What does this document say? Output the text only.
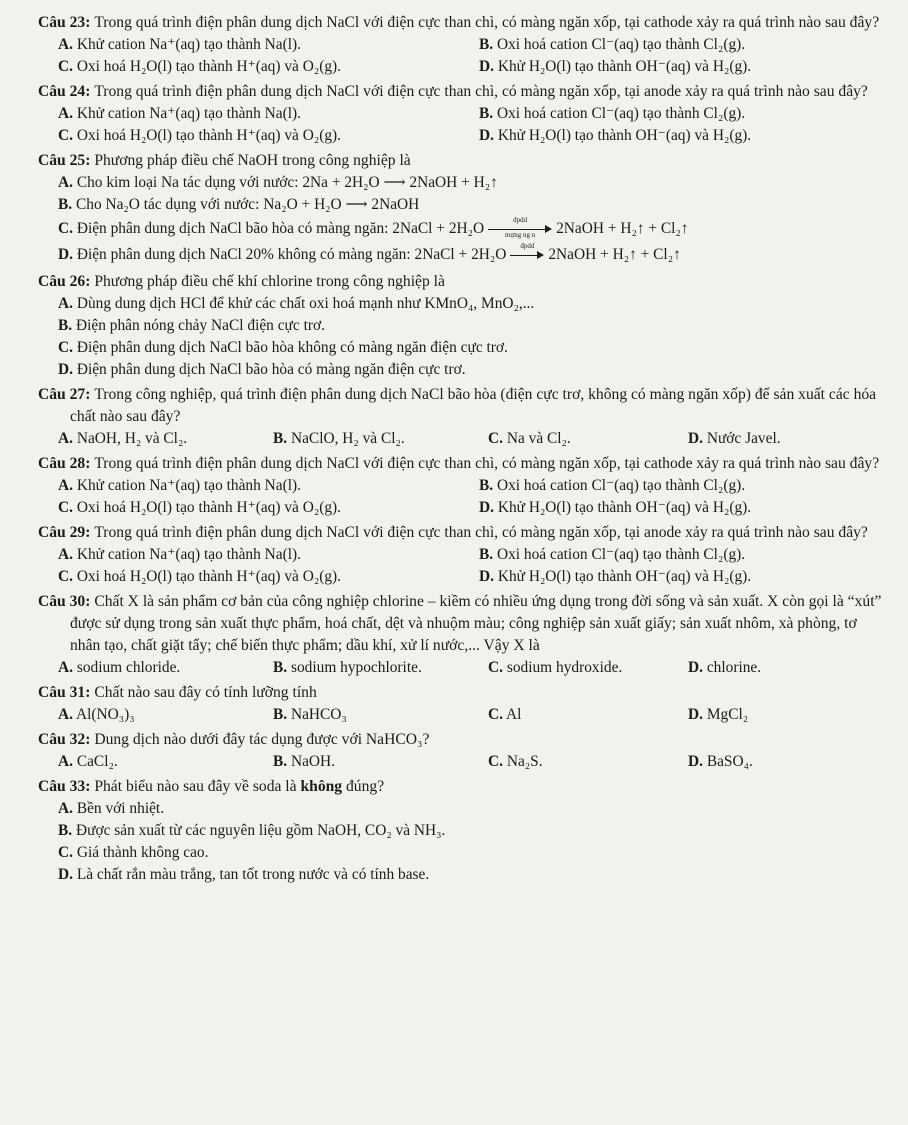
Câu 23: Trong quá trình điện phân dung dịch NaCl với điện cực than chì, có màng ngăn xốp, tại cathode xảy ra quá trình nào sau đây?
A. Khử cation Na⁺(aq) tạo thành Na(l).	B. Oxi hoá cation Cl⁻(aq) tạo thành Cl₂(g).
C. Oxi hoá H₂O(l) tạo thành H⁺(aq) và O₂(g).	D. Khử H₂O(l) tạo thành OH⁻(aq) và H₂(g).
Câu 24: Trong quá trình điện phân dung dịch NaCl với điện cực than chì, có màng ngăn xốp, tại anode xảy ra quá trình nào sau đây?
A. Khử cation Na⁺(aq) tạo thành Na(l).	B. Oxi hoá cation Cl⁻(aq) tạo thành Cl₂(g).
C. Oxi hoá H₂O(l) tạo thành H⁺(aq) và O₂(g).	D. Khử H₂O(l) tạo thành OH⁻(aq) và H₂(g).
Câu 25: Phương pháp điều chế NaOH trong công nghiệp là
A. Cho kim loại Na tác dụng với nước: 2Na + 2H₂O ⟶ 2NaOH + H₂↑
B. Cho Na₂O tác dụng với nước: Na₂O + H₂O ⟶ 2NaOH
C. Điện phân dung dịch NaCl bão hòa có màng ngăn: 2NaCl + 2H₂O	đpdd
mựng ng n	2NaOH + H₂↑ + Cl₂↑
D. Điện phân dung dịch NaCl 20% không có màng ngăn: 2NaCl + 2H₂O	đpdd 2NaOH + H₂↑ + Cl₂↑
Câu 26: Phương pháp điều chế khí chlorine trong công nghiệp là
A. Dùng dung dịch HCl để khử các chất oxi hoá mạnh như KMnO₄, MnO₂,...
B. Điện phân nóng chảy NaCl điện cực trơ.
C. Điện phân dung dịch NaCl bão hòa không có màng ngăn điện cực trơ.
D. Điện phân dung dịch NaCl bão hòa có màng ngăn điện cực trơ.
Câu 27: Trong công nghiệp, quá trình điện phân dung dịch NaCl bão hòa (điện cực trơ, không có màng ngăn xốp) để sản xuất các hóa chất nào sau đây?
A. NaOH, H₂ và Cl₂.	B. NaClO, H₂ và Cl₂.	C. Na và Cl₂.	D. Nước Javel.
Câu 28: Trong quá trình điện phân dung dịch NaCl với điện cực than chì, có màng ngăn xốp, tại cathode xảy ra quá trình nào sau đây?
A. Khử cation Na⁺(aq) tạo thành Na(l).	B. Oxi hoá cation Cl⁻(aq) tạo thành Cl₂(g).
C. Oxi hoá H₂O(l) tạo thành H⁺(aq) và O₂(g).	D. Khử H₂O(l) tạo thành OH⁻(aq) và H₂(g).
Câu 29: Trong quá trình điện phân dung dịch NaCl với điện cực than chì, có màng ngăn xốp, tại anode xảy ra quá trình nào sau đây?
A. Khử cation Na⁺(aq) tạo thành Na(l).	B. Oxi hoá cation Cl⁻(aq) tạo thành Cl₂(g).
C. Oxi hoá H₂O(l) tạo thành H⁺(aq) và O₂(g).	D. Khử H₂O(l) tạo thành OH⁻(aq) và H₂(g).
Câu 30: Chất X là sản phẩm cơ bản của công nghiệp chlorine – kiềm có nhiều ứng dụng trong đời sống và sản xuất. X còn gọi là “xút” được sử dụng trong sản xuất thực phẩm, hoá chất, dệt và nhuộm màu; công nghiệp sản xuất giấy; sản xuất nhôm, xà phòng, tơ nhân tạo, chất giặt tẩy; chế biến thực phẩm; dầu khí, xử lí nước,... Vậy X là
A. sodium chloride.	B. sodium hypochlorite.	C. sodium hydroxide.	D. chlorine.
Câu 31: Chất nào sau đây có tính lưỡng tính
A. Al(NO₃)₃	B. NaHCO₃	C. Al	D. MgCl₂
Câu 32: Dung dịch nào dưới đây tác dụng được với NaHCO₃?
A. CaCl₂.	B. NaOH.	C. Na₂S.	D. BaSO₄.
Câu 33: Phát biểu nào sau đây về soda là không đúng?
A. Bền với nhiệt.
B. Được sản xuất từ các nguyên liệu gồm NaOH, CO₂ và NH₃.
C. Giá thành không cao.
D. Là chất rắn màu trắng, tan tốt trong nước và có tính base.
